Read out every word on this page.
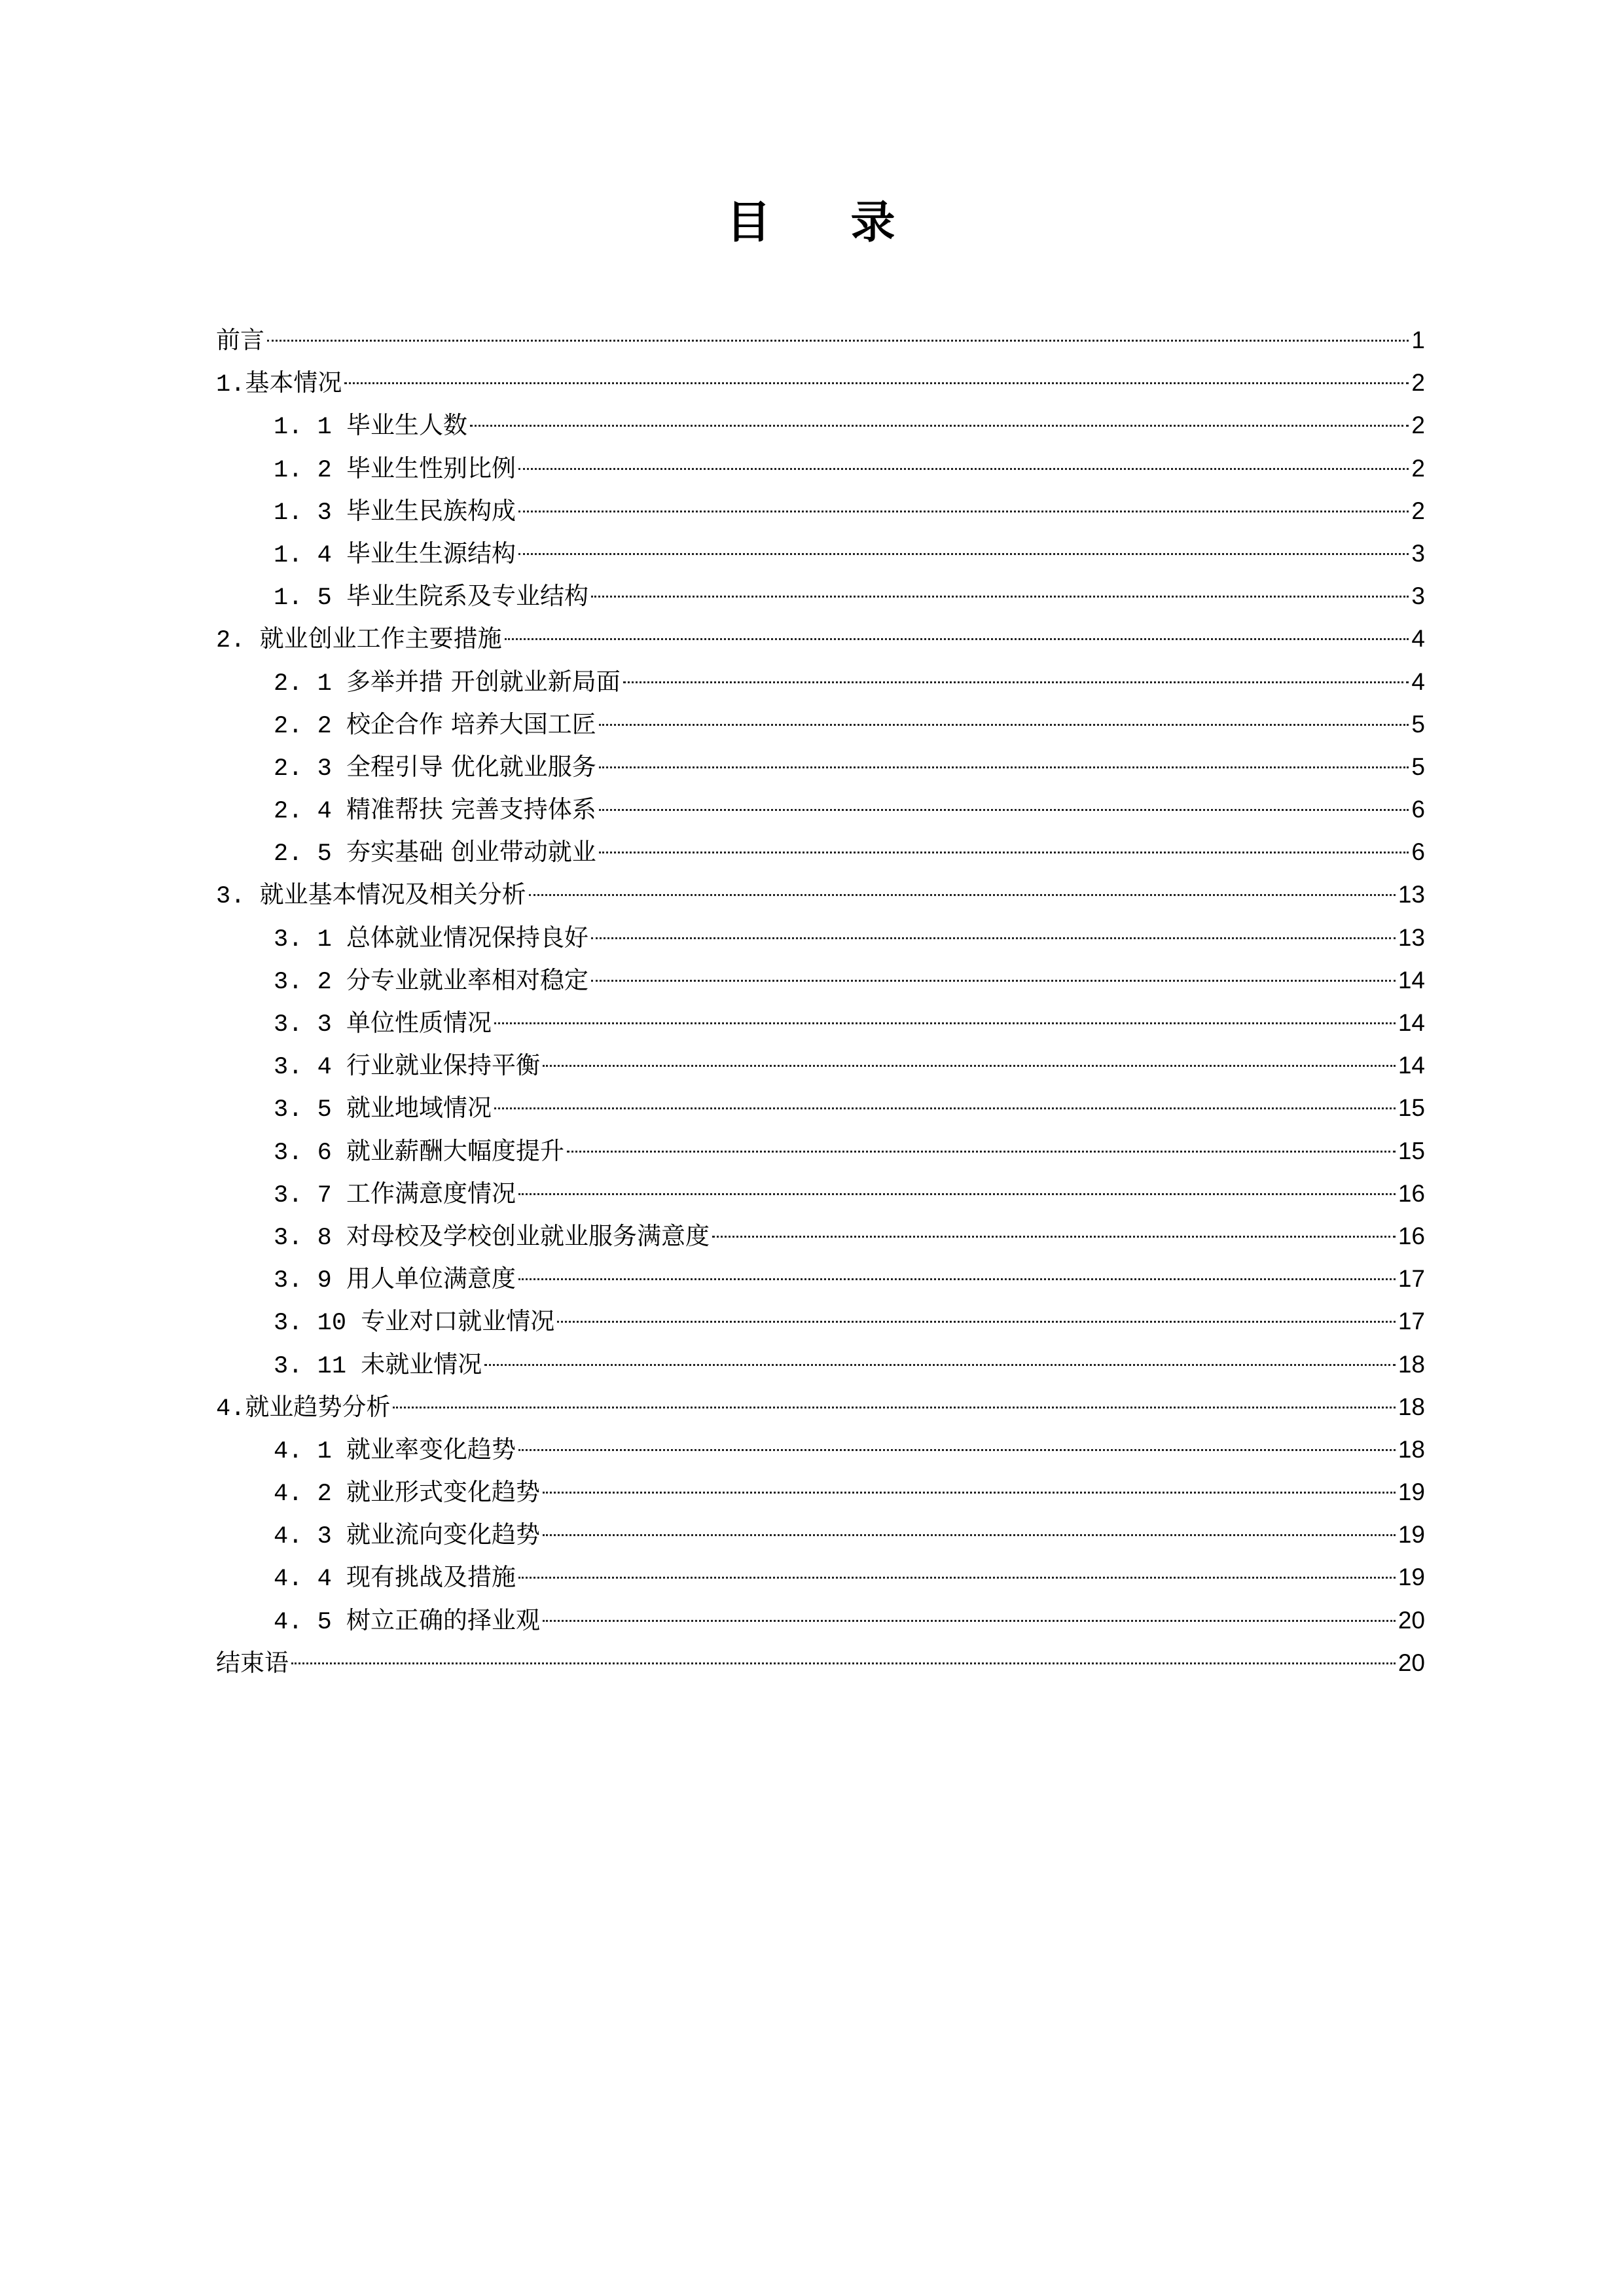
目 录
前言	1
1.基本情况	2
1. 1 毕业生人数	2
1. 2 毕业生性别比例	2
1. 3 毕业生民族构成	2
1. 4 毕业生生源结构	3
1. 5 毕业生院系及专业结构	3
2. 就业创业工作主要措施	4
2. 1 多举并措 开创就业新局面	4
2. 2 校企合作 培养大国工匠	5
2. 3 全程引导 优化就业服务	5
2. 4 精准帮扶 完善支持体系	6
2. 5 夯实基础 创业带动就业	6
3. 就业基本情况及相关分析	13
3. 1 总体就业情况保持良好	13
3. 2 分专业就业率相对稳定	14
3. 3 单位性质情况	14
3. 4 行业就业保持平衡	14
3. 5 就业地域情况	15
3. 6 就业薪酬大幅度提升	15
3. 7 工作满意度情况	16
3. 8 对母校及学校创业就业服务满意度	16
3. 9 用人单位满意度	17
3. 10 专业对口就业情况	17
3. 11 未就业情况	18
4.就业趋势分析	18
4. 1 就业率变化趋势	18
4. 2 就业形式变化趋势	19
4. 3 就业流向变化趋势	19
4. 4 现有挑战及措施	19
4. 5 树立正确的择业观	20
结束语	20
